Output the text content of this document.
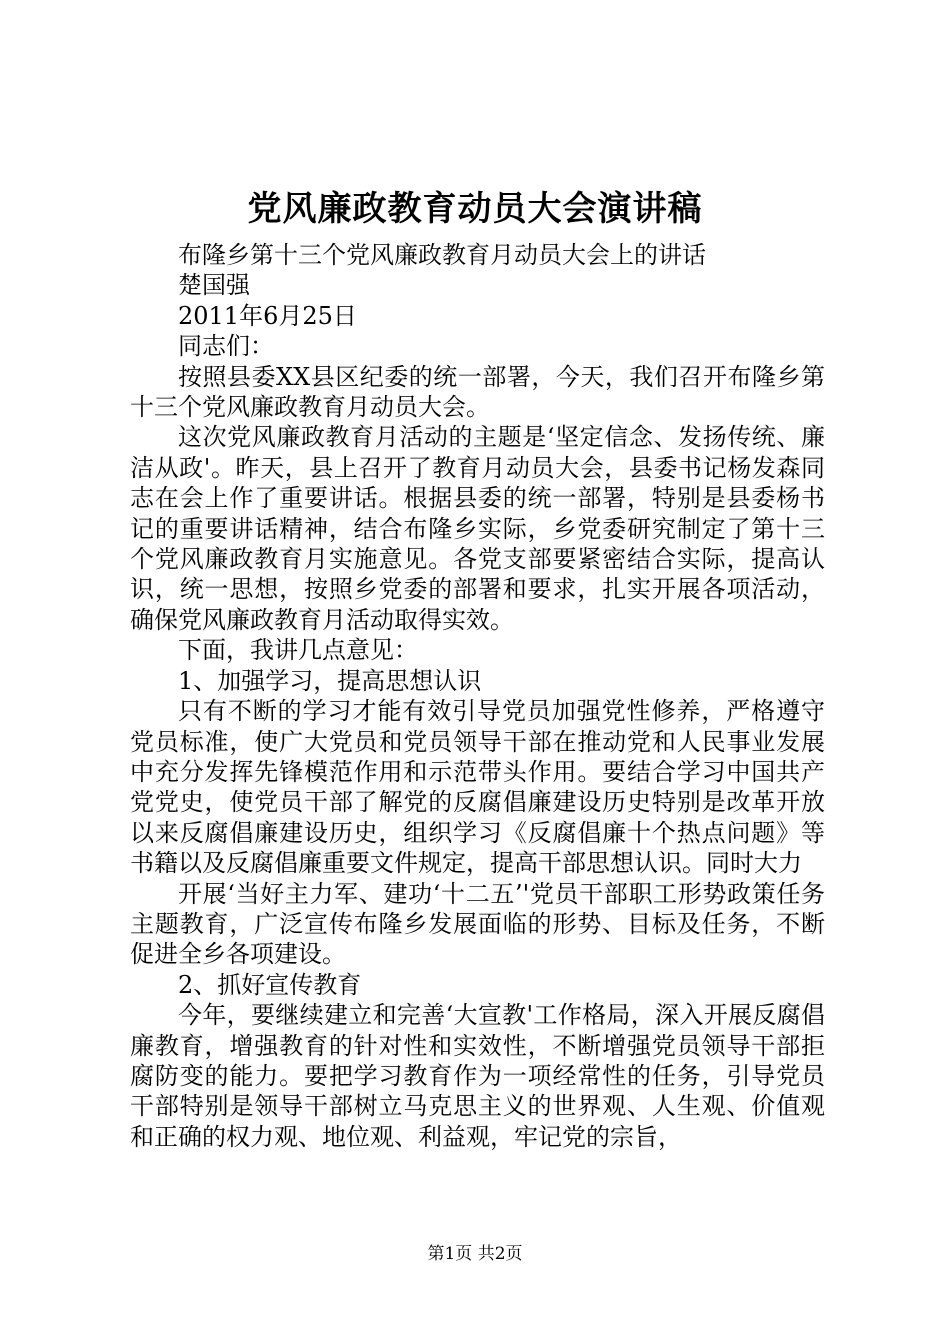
党风廉政教育动员大会演讲稿

布隆乡第十三个党风廉政教育月动员大会上的讲话

楚国强

2011年6月25日

同志们：

按照县委XX县区纪委的统一部署，今天，我们召开布隆乡第十三个党风廉政教育月动员大会。

这次党风廉政教育月活动的主题是‘坚定信念、发扬传统、廉洁从政'。昨天，县上召开了教育月动员大会，县委书记杨发森同志在会上作了重要讲话。根据县委的统一部署，特别是县委杨书记的重要讲话精神，结合布隆乡实际，乡党委研究制定了第十三个党风廉政教育月实施意见。各党支部要紧密结合实际，提高认识，统一思想，按照乡党委的部署和要求，扎实开展各项活动，确保党风廉政教育月活动取得实效。

下面，我讲几点意见：

1、加强学习，提高思想认识

只有不断的学习才能有效引导党员加强党性修养，严格遵守党员标准，使广大党员和党员领导干部在推动党和人民事业发展中充分发挥先锋模范作用和示范带头作用。要结合学习中国共产党党史，使党员干部了解党的反腐倡廉建设历史特别是改革开放以来反腐倡廉建设历史，组织学习《反腐倡廉十个热点问题》等书籍以及反腐倡廉重要文件规定，提高干部思想认识。同时大力

开展‘当好主力军、建功‘十二五’'党员干部职工形势政策任务主题教育，广泛宣传布隆乡发展面临的形势、目标及任务，不断促进全乡各项建设。

2、抓好宣传教育

今年，要继续建立和完善‘大宣教'工作格局，深入开展反腐倡廉教育，增强教育的针对性和实效性，不断增强党员领导干部拒腐防变的能力。要把学习教育作为一项经常性的任务，引导党员干部特别是领导干部树立马克思主义的世界观、人生观、价值观和正确的权力观、地位观、利益观，牢记党的宗旨，

第1页 共2页
